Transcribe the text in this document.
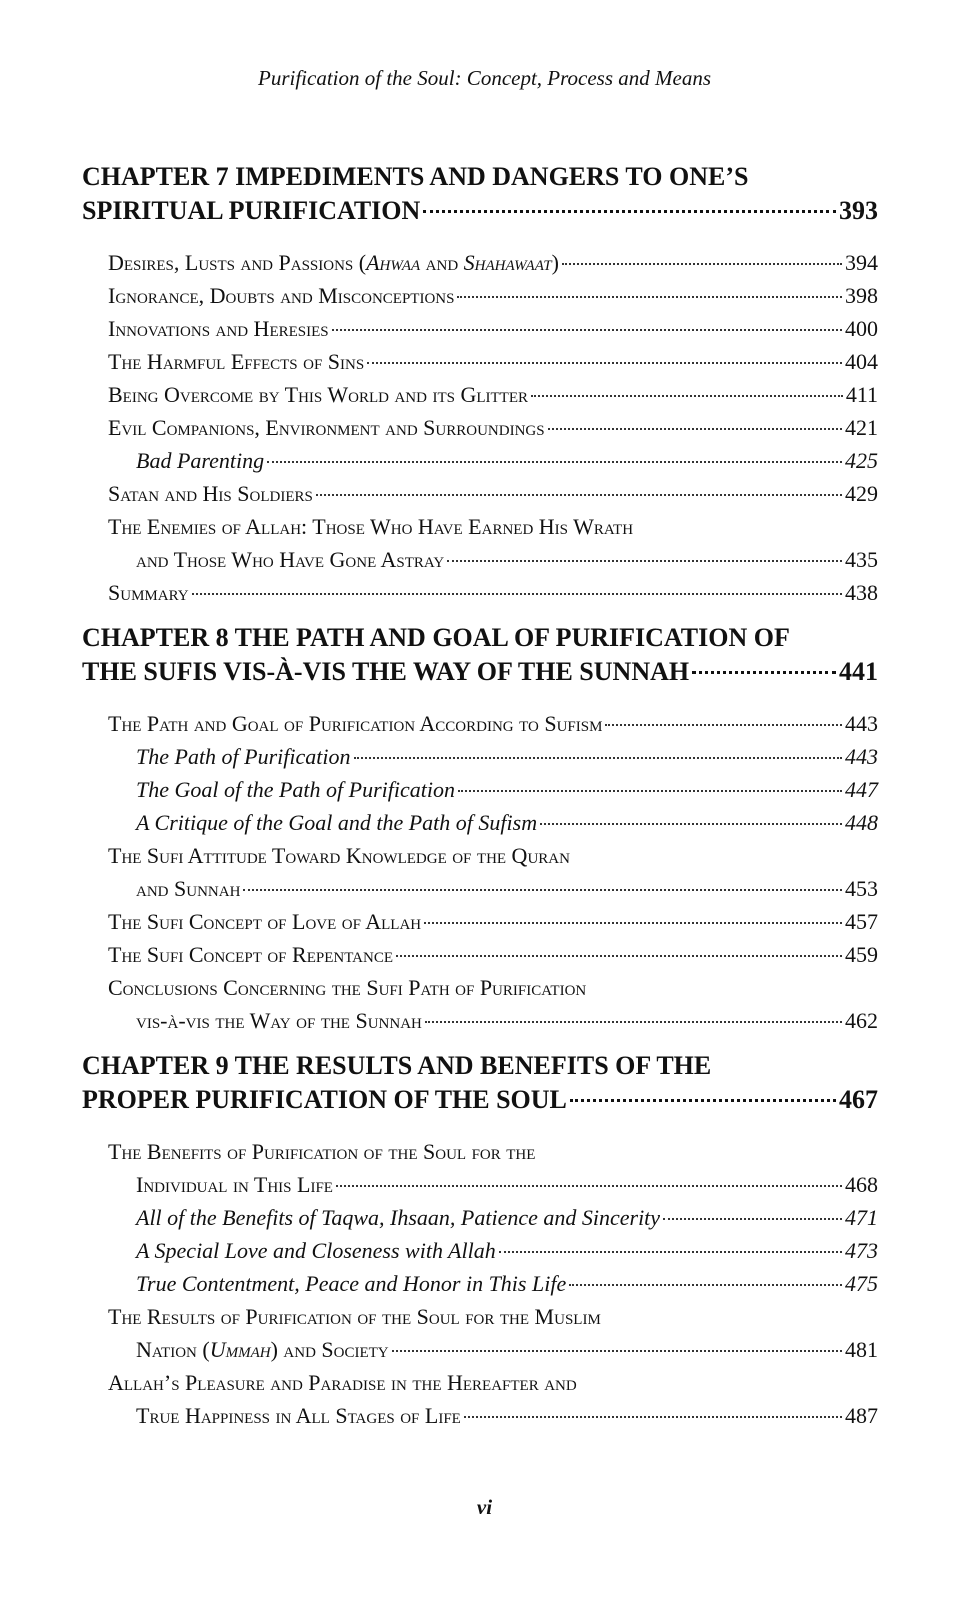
Purification of the Soul: Concept, Process and Means
CHAPTER 7 IMPEDIMENTS AND DANGERS TO ONE’S
SPIRITUAL PURIFICATION	393
Desires, Lusts and Passions (Ahwaa and Shahawaat)	394
Ignorance, Doubts and Misconceptions	398
Innovations and Heresies	400
The Harmful Effects of Sins	404
Being Overcome by This World and its Glitter	411
Evil Companions, Environment and Surroundings	421
Bad Parenting	425
Satan and His Soldiers	429
The Enemies of Allah: Those Who Have Earned His Wrath
and Those Who Have Gone Astray	435
Summary	438
CHAPTER 8 THE PATH AND GOAL OF PURIFICATION OF
THE SUFIS VIS-À-VIS THE WAY OF THE SUNNAH	441
The Path and Goal of Purification According to Sufism	443
The Path of Purification	443
The Goal of the Path of Purification	447
A Critique of the Goal and the Path of Sufism	448
The Sufi Attitude Toward Knowledge of the Quran
and Sunnah	453
The Sufi Concept of Love of Allah	457
The Sufi Concept of Repentance	459
Conclusions Concerning the Sufi Path of Purification
vis-à-vis the Way of the Sunnah	462
CHAPTER 9 THE RESULTS AND BENEFITS OF THE
PROPER PURIFICATION OF THE SOUL	467
The Benefits of Purification of the Soul for the
Individual in This Life	468
All of the Benefits of Taqwa, Ihsaan, Patience and Sincerity	471
A Special Love and Closeness with Allah	473
True Contentment, Peace and Honor in This Life	475
The Results of Purification of the Soul for the Muslim
Nation (Ummah) and Society	481
Allah’s Pleasure and Paradise in the Hereafter and
True Happiness in All Stages of Life	487
vi
